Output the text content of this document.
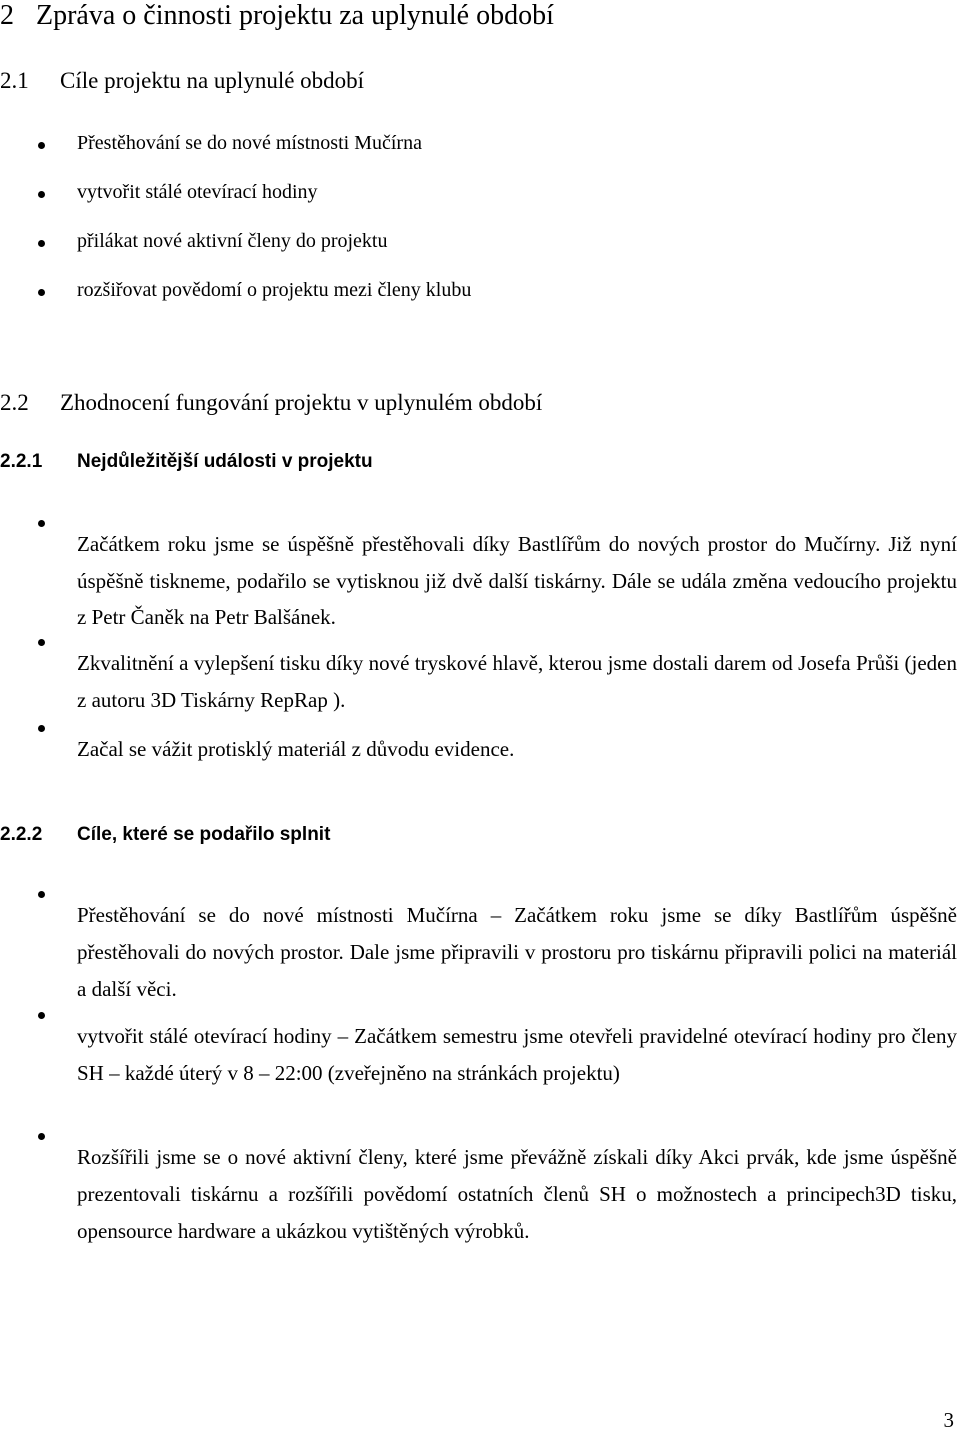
2 Zpráva o činnosti projektu za uplynulé období
2.1 Cíle projektu na uplynulé období
Přestěhování se do nové místnosti Mučírna
vytvořit stálé otevírací hodiny
přilákat nové aktivní členy do projektu
rozšiřovat povědomí o projektu mezi členy klubu
2.2 Zhodnocení fungování projektu v uplynulém období
2.2.1 Nejdůležitější události v projektu

Začátkem roku jsme se úspěšně přestěhovali díky Bastlířům do nových prostor do Mučírny. Již nyní úspěšně tiskneme, podařilo se vytisknou již dvě další tiskárny. Dále se udála změna vedoucího projektu z Petr Čaněk na Petr Balšánek.

Zkvalitnění a vylepšení tisku díky nové tryskové hlavě, kterou jsme dostali darem od Josefa Průši (jeden z autoru 3D Tiskárny RepRap ).

Začal se vážit protisklý materiál z důvodu evidence.

2.2.2 Cíle, které se podařilo splnit

Přestěhování se do nové místnosti Mučírna – Začátkem roku jsme se díky Bastlířům úspěšně přestěhovali do nových prostor. Dale jsme připravili v prostoru pro tiskárnu připravili polici na materiál a další věci.

vytvořit stálé otevírací hodiny – Začátkem semestru jsme otevřeli pravidelné otevírací hodiny pro členy SH – každé úterý v 8 – 22:00 (zveřejněno na stránkách projektu)

Rozšířili jsme se o nové aktivní členy, které jsme převážně získali díky Akci prvák, kde jsme úspěšně prezentovali tiskárnu a rozšířili povědomí ostatních členů SH o možnostech a principech3D tisku, opensource hardware a ukázkou vytištěných výrobků.

3
